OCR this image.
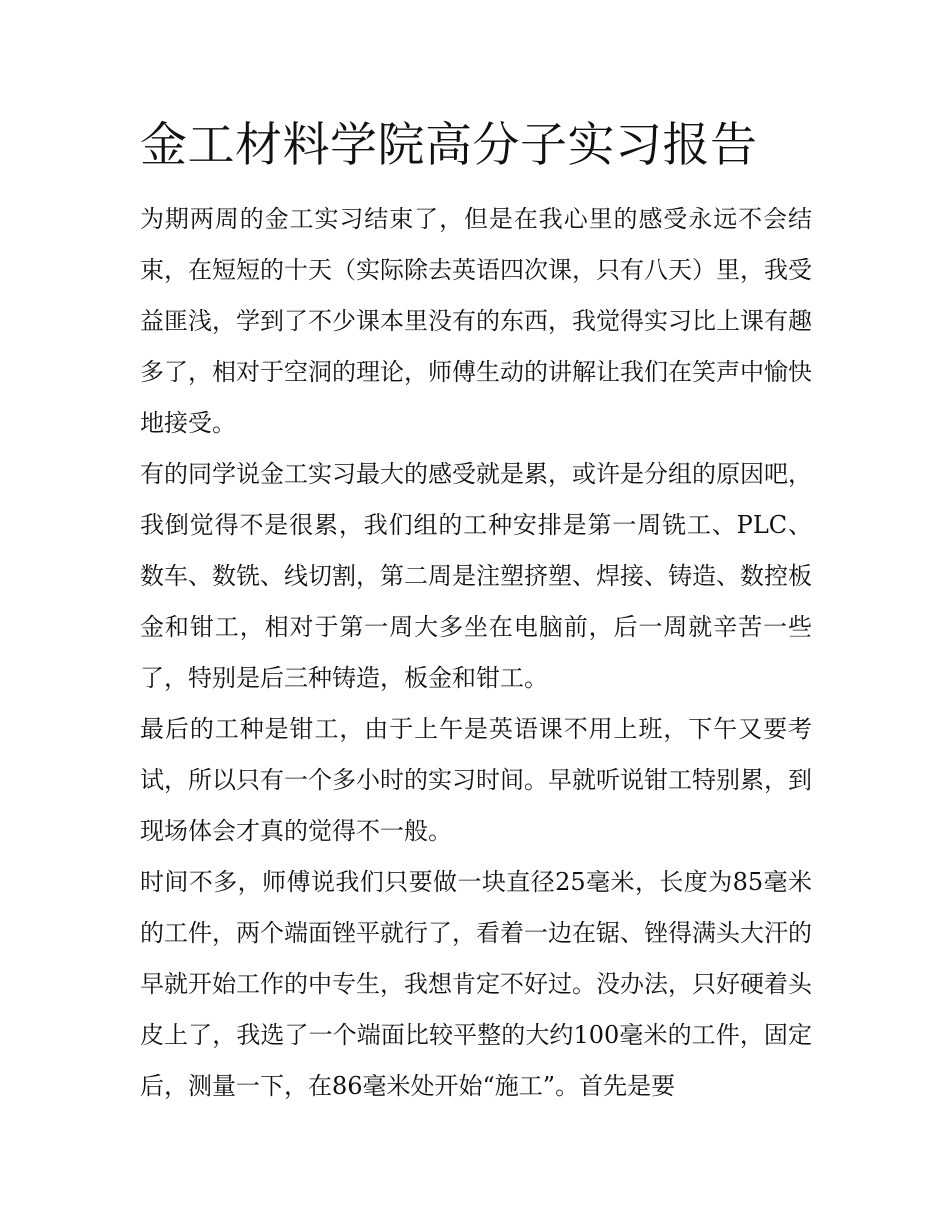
金工材料学院高分子实习报告

为期两周的金工实习结束了，但是在我心里的感受永远不会结束，在短短的十天（实际除去英语四次课，只有八天）里，我受益匪浅，学到了不少课本里没有的东西，我觉得实习比上课有趣多了，相对于空洞的理论，师傅生动的讲解让我们在笑声中愉快地接受。

有的同学说金工实习最大的感受就是累，或许是分组的原因吧，我倒觉得不是很累，我们组的工种安排是第一周铣工、PLC、数车、数铣、线切割，第二周是注塑挤塑、焊接、铸造、数控板金和钳工，相对于第一周大多坐在电脑前，后一周就辛苦一些了，特别是后三种铸造，板金和钳工。

最后的工种是钳工，由于上午是英语课不用上班，下午又要考试，所以只有一个多小时的实习时间。早就听说钳工特别累，到现场体会才真的觉得不一般。

时间不多，师傅说我们只要做一块直径25毫米，长度为85毫米的工件，两个端面锉平就行了，看着一边在锯、锉得满头大汗的早就开始工作的中专生，我想肯定不好过。没办法，只好硬着头皮上了，我选了一个端面比较平整的大约100毫米的工件，固定后，测量一下，在86毫米处开始“施工”。首先是要
